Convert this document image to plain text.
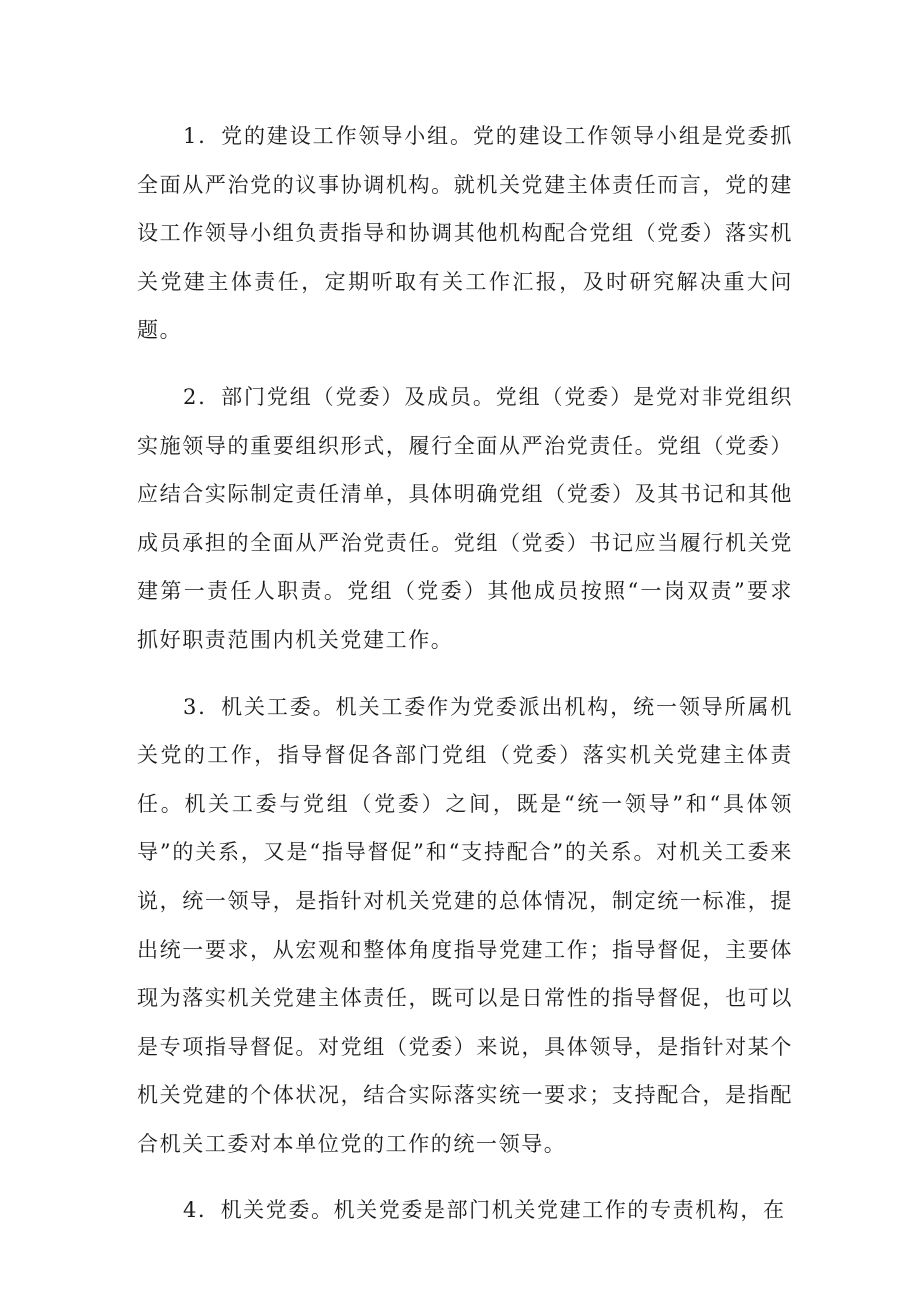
1．党的建设工作领导小组。党的建设工作领导小组是党委抓全面从严治党的议事协调机构。就机关党建主体责任而言，党的建设工作领导小组负责指导和协调其他机构配合党组（党委）落实机关党建主体责任，定期听取有关工作汇报，及时研究解决重大问题。

2．部门党组（党委）及成员。党组（党委）是党对非党组织实施领导的重要组织形式，履行全面从严治党责任。党组（党委）应结合实际制定责任清单，具体明确党组（党委）及其书记和其他成员承担的全面从严治党责任。党组（党委）书记应当履行机关党建第一责任人职责。党组（党委）其他成员按照“一岗双责”要求抓好职责范围内机关党建工作。

3．机关工委。机关工委作为党委派出机构，统一领导所属机关党的工作，指导督促各部门党组（党委）落实机关党建主体责任。机关工委与党组（党委）之间，既是“统一领导”和“具体领导”的关系，又是“指导督促”和“支持配合”的关系。对机关工委来说，统一领导，是指针对机关党建的总体情况，制定统一标准，提出统一要求，从宏观和整体角度指导党建工作；指导督促，主要体现为落实机关党建主体责任，既可以是日常性的指导督促，也可以是专项指导督促。对党组（党委）来说，具体领导，是指针对某个机关党建的个体状况，结合实际落实统一要求；支持配合，是指配合机关工委对本单位党的工作的统一领导。

4．机关党委。机关党委是部门机关党建工作的专责机构，在
